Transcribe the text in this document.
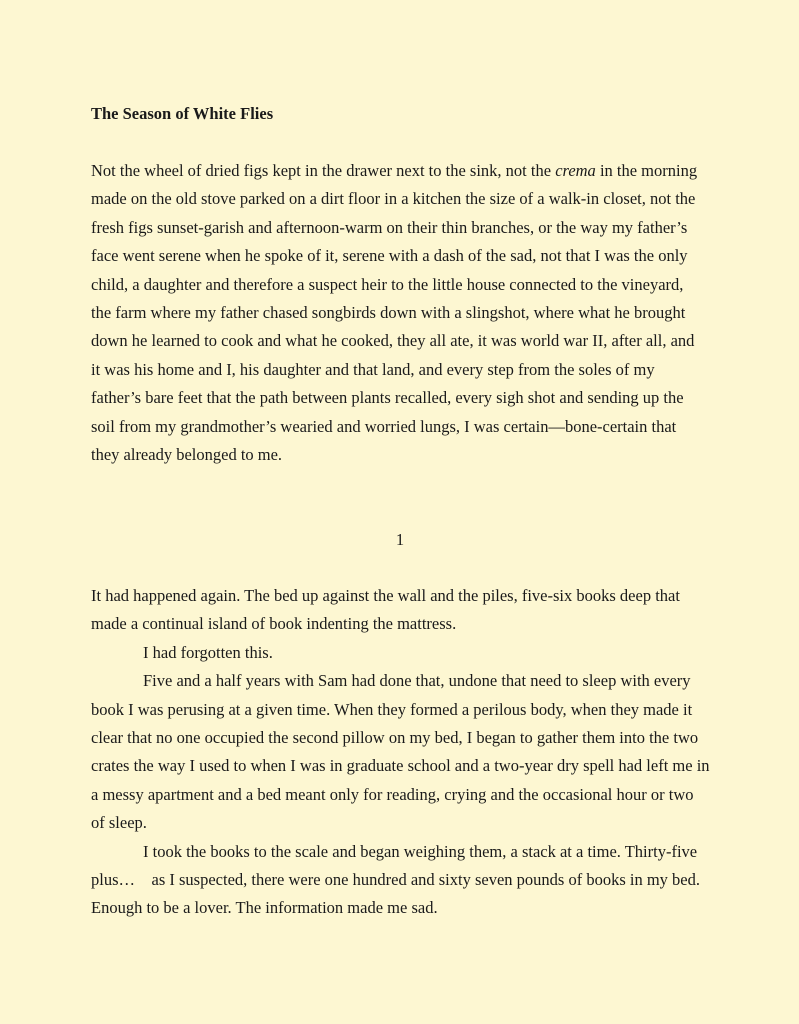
The Season of White Flies
Not the wheel of dried figs kept in the drawer next to the sink, not the crema in the morning
made on the old stove parked on a dirt floor in a kitchen the size of a walk-in closet, not the
fresh figs sunset-garish and afternoon-warm on their thin branches, or the way my father’s
face went serene when he spoke of it, serene with a dash of the sad, not that I was the only
child, a daughter and therefore a suspect heir to the little house connected to the vineyard,
the farm where my father chased songbirds down with a slingshot, where what he brought
down he learned to cook and what he cooked, they all ate, it was world war II, after all, and
it was his home and I, his daughter and that land, and every step from the soles of my
father’s bare feet that the path between plants recalled, every sigh shot and sending up the
soil from my grandmother’s wearied and worried lungs, I was certain—bone-certain that
they already belonged to me.
1
It had happened again. The bed up against the wall and the piles, five-six books deep that
made a continual island of book indenting the mattress.
I had forgotten this.
Five and a half years with Sam had done that, undone that need to sleep with every
book I was perusing at a given time. When they formed a perilous body, when they made it
clear that no one occupied the second pillow on my bed, I began to gather them into the two
crates the way I used to when I was in graduate school and a two-year dry spell had left me in
a messy apartment and a bed meant only for reading, crying and the occasional hour or two
of sleep.
I took the books to the scale and began weighing them, a stack at a time. Thirty-five
plus…    as I suspected, there were one hundred and sixty seven pounds of books in my bed.
Enough to be a lover. The information made me sad.
